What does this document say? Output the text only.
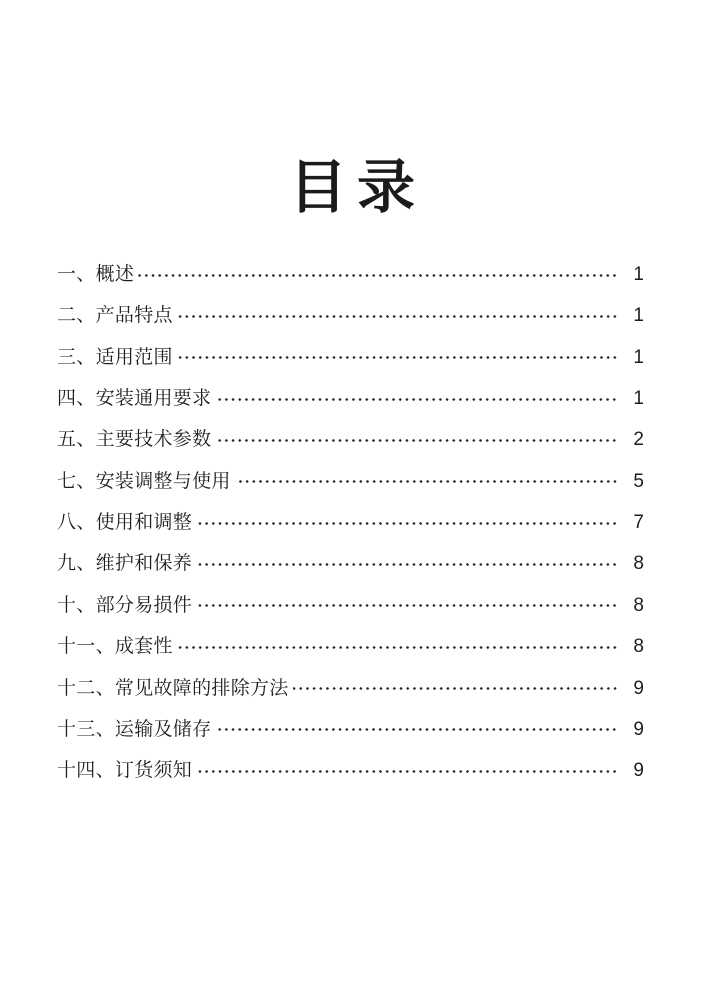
目录
一、概述	1
二、产品特点	1
三、适用范围	1
四、安装通用要求	1
五、主要技术参数	2
七、安装调整与使用	5
八、使用和调整	7
九、维护和保养	8
十、部分易损件	8
十一、成套性	8
十二、常见故障的排除方法	9
十三、运输及储存	9
十四、订货须知	9
